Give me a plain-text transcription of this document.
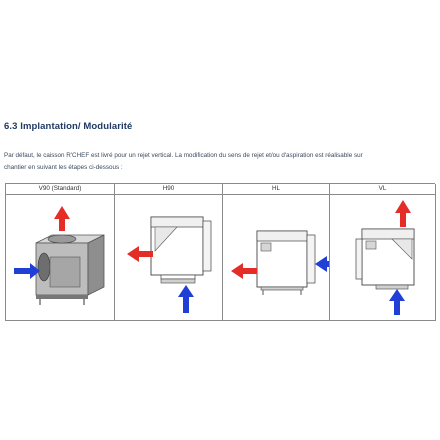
6.3 Implantation/ Modularité
Par défaut, le caisson R'CHEF est livré pour un rejet vertical. La modification du sens de rejet et/ou d'aspiration est réalisable sur
chantier en suivant les étapes ci-dessous :
V90 (Standard)	H90	HL	VL
